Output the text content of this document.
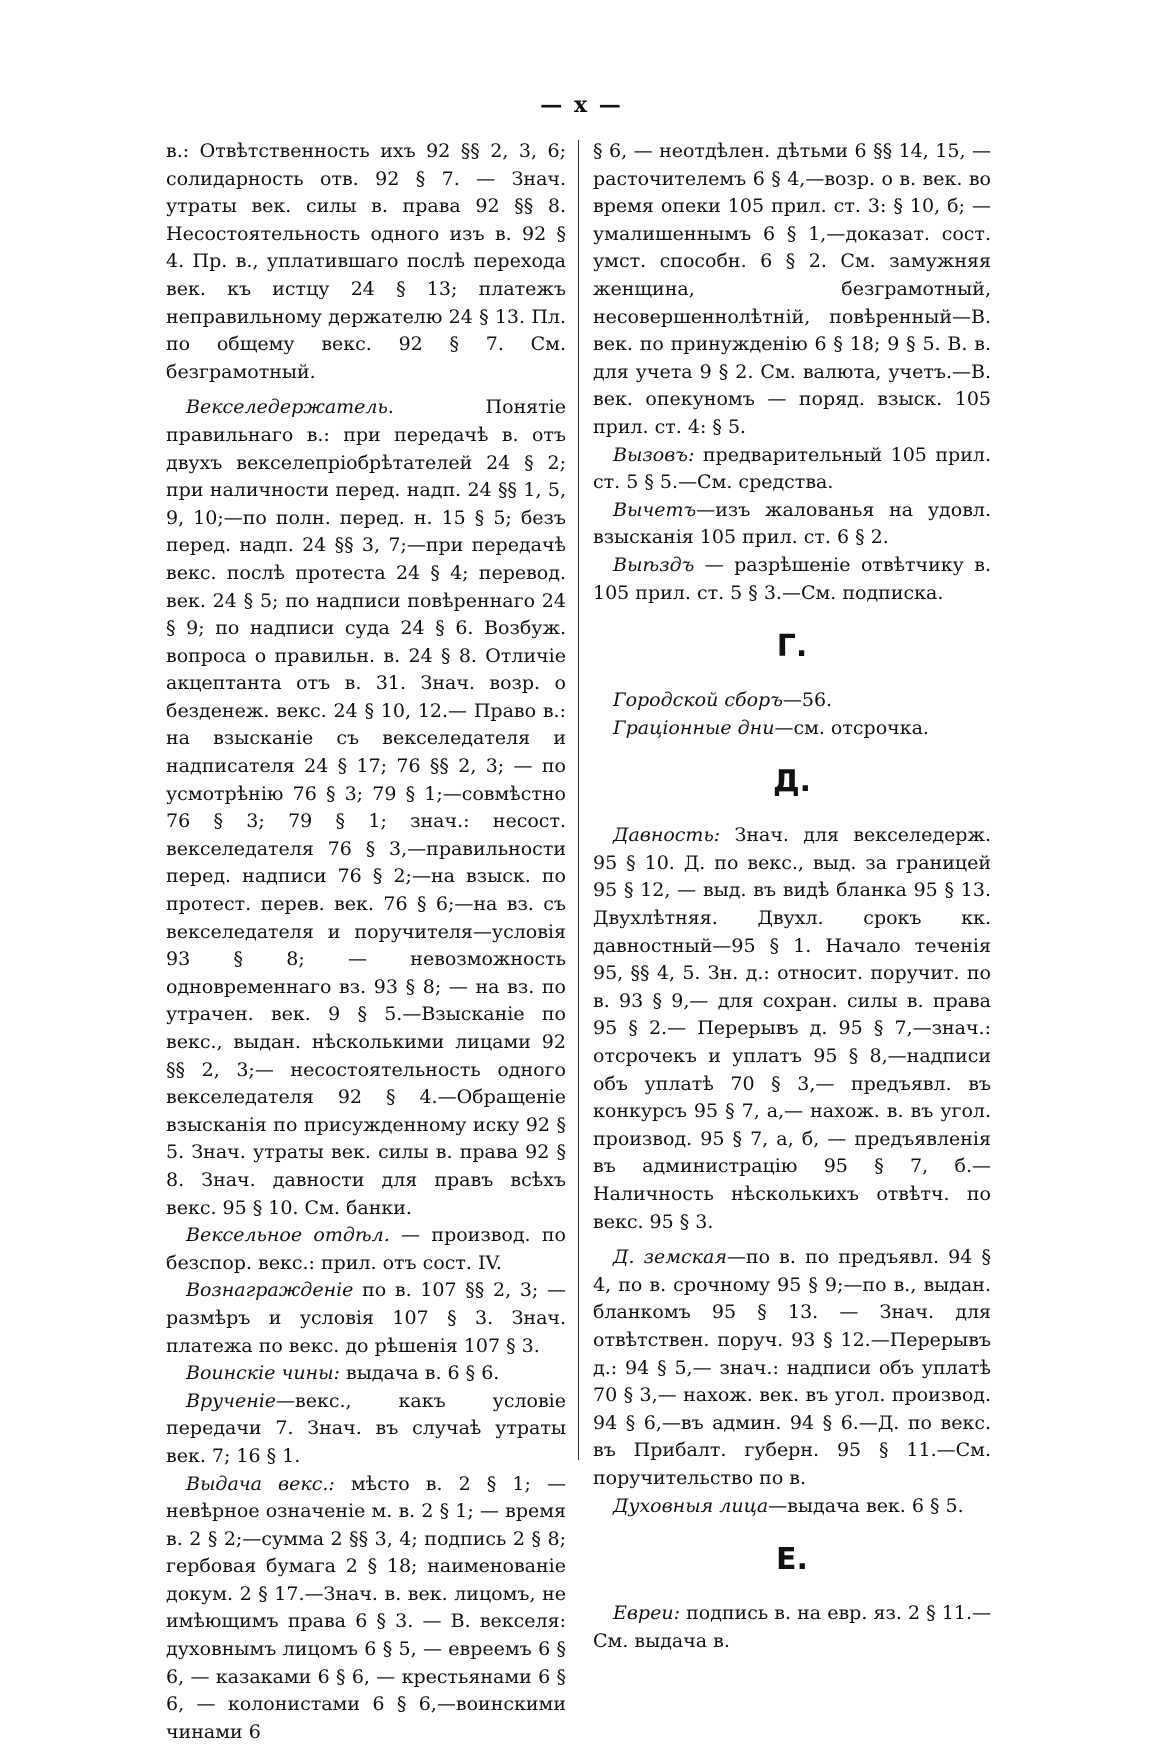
— x —

в.: Отвѣтственность ихъ 92 §§ 2, 3, 6; солидарность отв. 92 § 7. — Знач. утраты век. силы в. права 92 §§ 8. Несостоятельность одного изъ в. 92 § 4. Пр. в., уплатившаго послѣ перехода век. къ истцу 24 § 13; платежъ неправильному держателю 24 § 13. Пл. по общему векс. 92 § 7. См. безграмотный.

Векселедержатель. Понятіе правильнаго в.: при передачѣ в. отъ двухъ векселепріобрѣтателей 24 § 2; при наличности перед. надп. 24 §§ 1, 5, 9, 10;—по полн. перед. н. 15 § 5; безъ перед. надп. 24 §§ 3, 7;—при передачѣ векс. послѣ протеста 24 § 4; перевод. век. 24 § 5; по надписи повѣреннаго 24 § 9; по надписи суда 24 § 6. Возбуж. вопроса о правильн. в. 24 § 8. Отличіе акцептанта отъ в. 31. Знач. возр. о безденеж. векс. 24 § 10, 12.— Право в.: на взысканіе съ векселедателя и надписателя 24 § 17; 76 §§ 2, 3; — по усмотрѣнію 76 § 3; 79 § 1;—совмѣстно 76 § 3; 79 § 1; знач.: несост. векселедателя 76 § 3,—правильности перед. надписи 76 § 2;—на взыск. по протест. перев. век. 76 § 6;—на вз. съ векселедателя и поручителя—условія 93 § 8; — невозможность одновременнаго вз. 93 § 8; — на вз. по утрачен. век. 9 § 5.—Взысканіе по векс., выдан. нѣсколькими лицами 92 §§ 2, 3;— несостоятельность одного векселедателя 92 § 4.—Обращеніе взысканія по присужденному иску 92 § 5. Знач. утраты век. силы в. права 92 § 8. Знач. давности для правъ всѣхъ векс. 95 § 10. См. банки.

Вексельное отдѣл. — производ. по безспор. векс.: прил. отъ сост. IV.

Вознагражденіе по в. 107 §§ 2, 3; — размѣръ и условія 107 § 3. Знач. платежа по векс. до рѣшенія 107 § 3.

Воинскіе чины: выдача в. 6 § 6.

Врученіе—векс., какъ условіе передачи 7. Знач. въ случаѣ утраты век. 7; 16 § 1.

Выдача векс.: мѣсто в. 2 § 1; — невѣрное означеніе м. в. 2 § 1; — время в. 2 § 2;—сумма 2 §§ 3, 4; подпись 2 § 8; гербовая бумага 2 § 18; наименованіе докум. 2 § 17.—Знач. в. век. лицомъ, не имѣющимъ права 6 § 3. — В. векселя: духовнымъ лицомъ 6 § 5, — евреемъ 6 § 6, — казаками 6 § 6, — крестьянами 6 § 6, — колонистами 6 § 6,—воинскими чинами 6

§ 6, — неотдѣлен. дѣтьми 6 §§ 14, 15, — расточителемъ 6 § 4,—возр. о в. век. во время опеки 105 прил. ст. 3: § 10, б; — умалишеннымъ 6 § 1,—доказат. сост. умст. способн. 6 § 2. См. замужняя женщина, безграмотный, несовершеннолѣтній, повѣренный—В. век. по принужденію 6 § 18; 9 § 5. В. в. для учета 9 § 2. См. валюта, учетъ.—В. век. опекуномъ — поряд. взыск. 105 прил. ст. 4: § 5.

Вызовъ: предварительный 105 прил. ст. 5 § 5.—См. средства.

Вычетъ—изъ жалованья на удовл. взысканія 105 прил. ст. 6 § 2.

Выѣздъ — разрѣшеніе отвѣтчику в. 105 прил. ст. 5 § 3.—См. подписка.

Г.

Городской сборъ—56.

Граціонные дни—см. отсрочка.

Д.

Давность: Знач. для векселедерж. 95 § 10. Д. по векс., выд. за границей 95 § 12, — выд. въ видѣ бланка 95 § 13. Двухлѣтняя. Двухл. срокъ кк. давностный—95 § 1. Начало теченія 95, §§ 4, 5. Зн. д.: относит. поручит. по в. 93 § 9,— для сохран. силы в. права 95 § 2.— Перерывъ д. 95 § 7,—знач.: отсрочекъ и уплатъ 95 § 8,—надписи объ уплатѣ 70 § 3,— предъявл. въ конкурсъ 95 § 7, а,— нахож. в. въ угол. производ. 95 § 7, а, б, — предъявленія въ администрацію 95 § 7, б.— Наличность нѣсколькихъ отвѣтч. по векс. 95 § 3.

Д. земская—по в. по предъявл. 94 § 4, по в. срочному 95 § 9;—по в., выдан. бланкомъ 95 § 13. — Знач. для отвѣтствен. поруч. 93 § 12.—Перерывъ д.: 94 § 5,— знач.: надписи объ уплатѣ 70 § 3,— нахож. век. въ угол. производ. 94 § 6,—въ админ. 94 § 6.—Д. по векс. въ Прибалт. губерн. 95 § 11.—См. поручительство по в.

Духовныя лица—выдача век. 6 § 5.

Е.

Евреи: подпись в. на евр. яз. 2 § 11.— См. выдача в.
